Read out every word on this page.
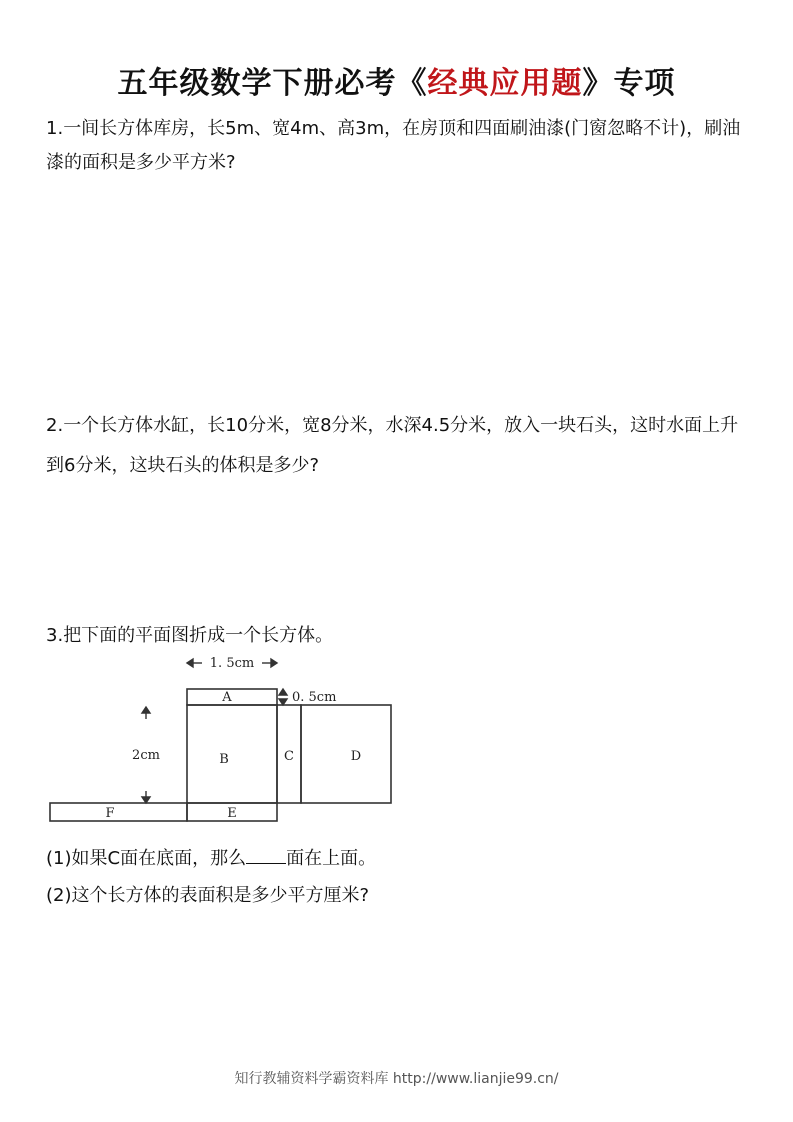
五年级数学下册必考《经典应用题》专项
1.一间长方体库房，长5m、宽4m、高3m，在房顶和四面刷油漆(门窗忽略不计)，刷油漆的面积是多少平方米?
2.一个长方体水缸，长10分米，宽8分米，水深4.5分米，放入一块石头，这时水面上升到6分米，这块石头的体积是多少?
3.把下面的平面图折成一个长方体。
1. 5cm
0. 5cm
2cm
A
B	C	D
E
F
(1)如果C面在底面，那么 面在上面。
(2)这个长方体的表面积是多少平方厘米?
知行教辅资料学霸资料库 http://www.lianjie99.cn/
